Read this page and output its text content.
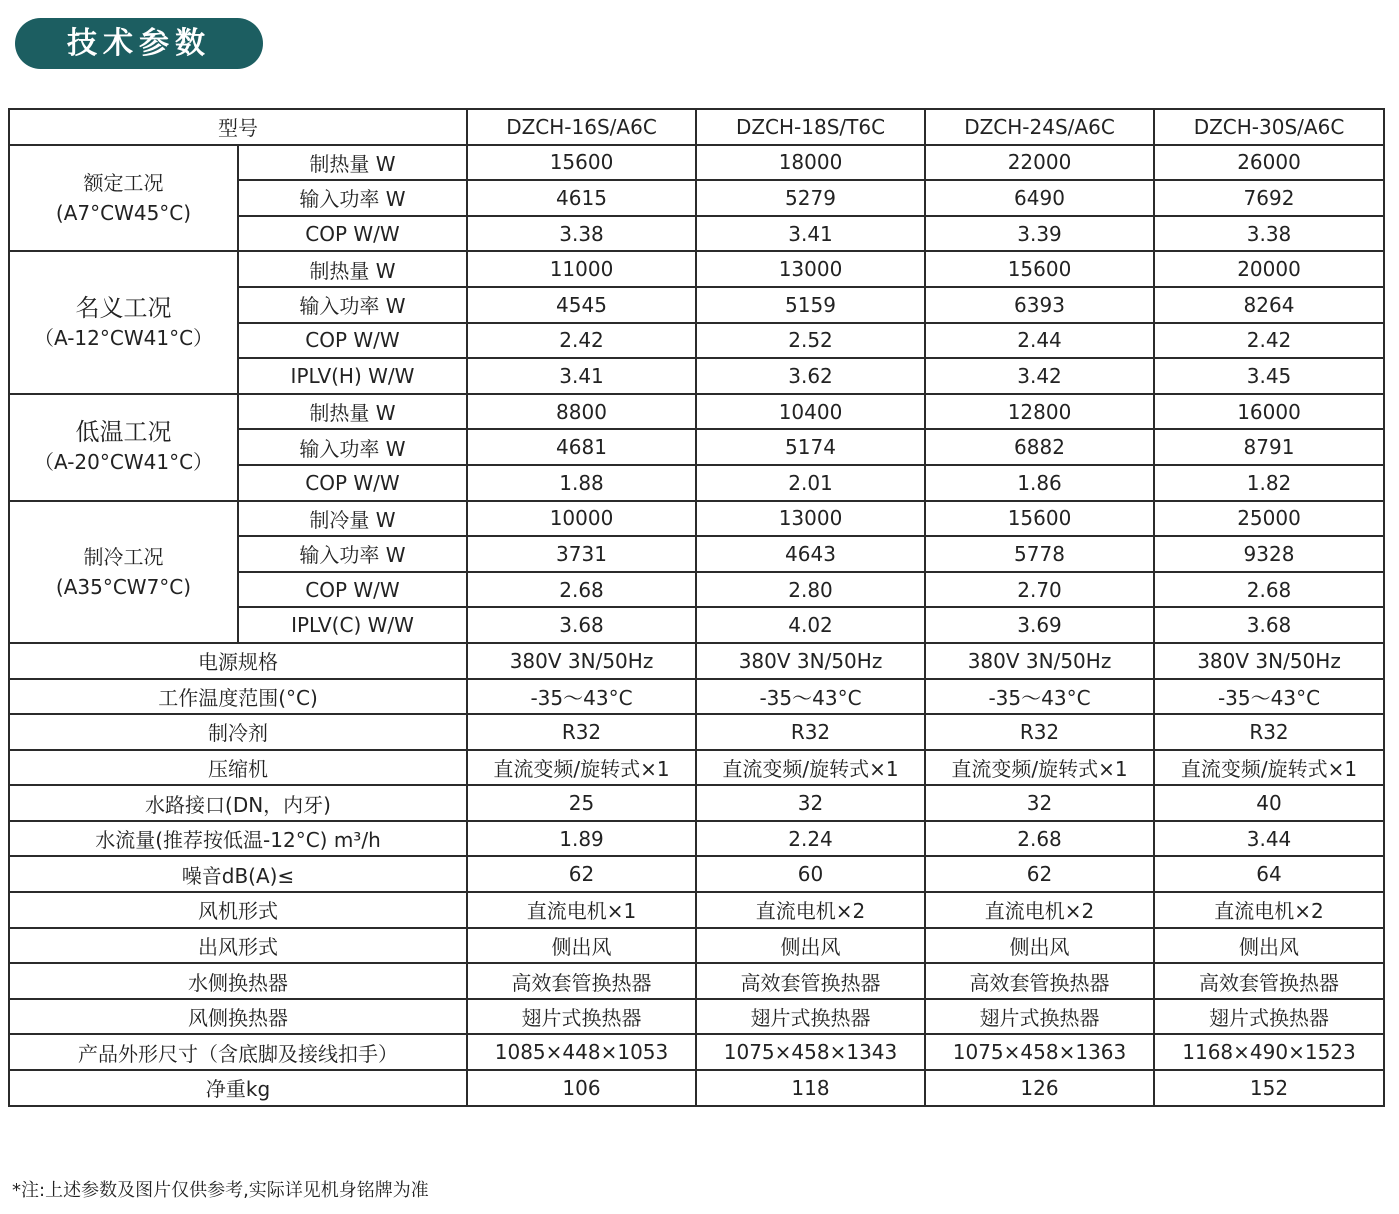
技术参数
型号		DZCH-16S/A6C	DZCH-18S/T6C	DZCH-24S/A6C	DZCH-30S/A6C

额定工况
(A7°CW45°C)	制热量 W	15600	18000	22000	26000
	输入功率 W	4615	5279	6490	7692
	COP W/W	3.38	3.41	3.39	3.38

名义工况
（A-12°CW41°C）	制热量 W	11000	13000	15600	20000
	输入功率 W	4545	5159	6393	8264
	COP W/W	2.42	2.52	2.44	2.42
	IPLV(H) W/W	3.41	3.62	3.42	3.45

低温工况
（A-20°CW41°C）	制热量 W	8800	10400	12800	16000
	输入功率 W	4681	5174	6882	8791
	COP W/W	1.88	2.01	1.86	1.82

制冷工况
(A35°CW7°C)	制冷量 W	10000	13000	15600	25000
	输入功率 W	3731	4643	5778	9328
	COP W/W	2.68	2.80	2.70	2.68
	IPLV(C) W/W	3.68	4.02	3.69	3.68
电源规格		380V 3N/50Hz	380V 3N/50Hz	380V 3N/50Hz	380V 3N/50Hz
工作温度范围(°C)		-35～43°C	-35～43°C	-35～43°C	-35～43°C
制冷剂		R32	R32	R32	R32
压缩机		直流变频/旋转式×1	直流变频/旋转式×1	直流变频/旋转式×1	直流变频/旋转式×1
水路接口(DN，内牙)		25	32	32	40
水流量(推荐按低温-12°C) m³/h		1.89	2.24	2.68	3.44
噪音dB(A)≤		62	60	62	64
风机形式		直流电机×1	直流电机×2	直流电机×2	直流电机×2
出风形式		侧出风	侧出风	侧出风	侧出风
水侧换热器		高效套管换热器	高效套管换热器	高效套管换热器	高效套管换热器
风侧换热器		翅片式换热器	翅片式换热器	翅片式换热器	翅片式换热器
产品外形尺寸（含底脚及接线扣手）		1085×448×1053	1075×458×1343	1075×458×1363	1168×490×1523
净重kg		106	118	126	152
*注:上述参数及图片仅供参考,实际详见机身铭牌为准
